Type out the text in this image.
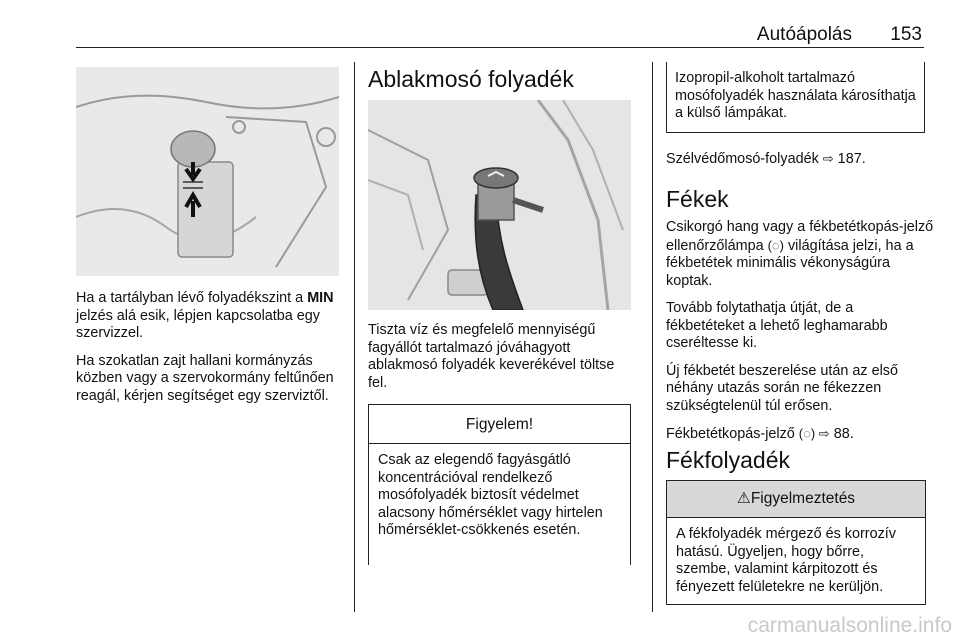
Autóápolás 153

Ha a tartályban lévő folyadékszint a MIN jelzés alá esik, lépjen kapcsolatba egy szervizzel.

Ha szokatlan zajt hallani kormányzás közben vagy a szervokormány feltűnően reagál, kérjen segítséget egy szerviztől.

Ablakmosó folyadék

Tiszta víz és megfelelő mennyiségű fagyállót tartalmazó jóváhagyott ablakmosó folyadék keverékével töltse fel.

Figyelem!
Csak az elegendő fagyásgátló koncentrációval rendelkező mosófolyadék biztosít védelmet alacsony hőmérséklet vagy hirtelen hőmérséklet-csökkenés esetén.
Izopropil-alkoholt tartalmazó mosófolyadék használata károsíthatja a külső lámpákat.

Szélvédőmosó-folyadék ⇨ 187.

Fékek

Csikorgó hang vagy a fékbetétkopás-jelző ellenőrzőlámpa (◌) világítása jelzi, ha a fékbetétek minimális vékonyságúra koptak.

Tovább folytathatja útját, de a fékbetéteket a lehető leghamarabb cseréltesse ki.

Új fékbetét beszerelése után az első néhány utazás során ne fékezzen szükségtelenül túl erősen.

Fékbetétkopás-jelző (◌) ⇨ 88.

Fékfolyadék
⚠Figyelmeztetés
A fékfolyadék mérgező és korrozív hatású. Ügyeljen, hogy bőrre, szembe, valamint kárpitozott és fényezett felületekre ne kerüljön.
carmanualsonline.info
